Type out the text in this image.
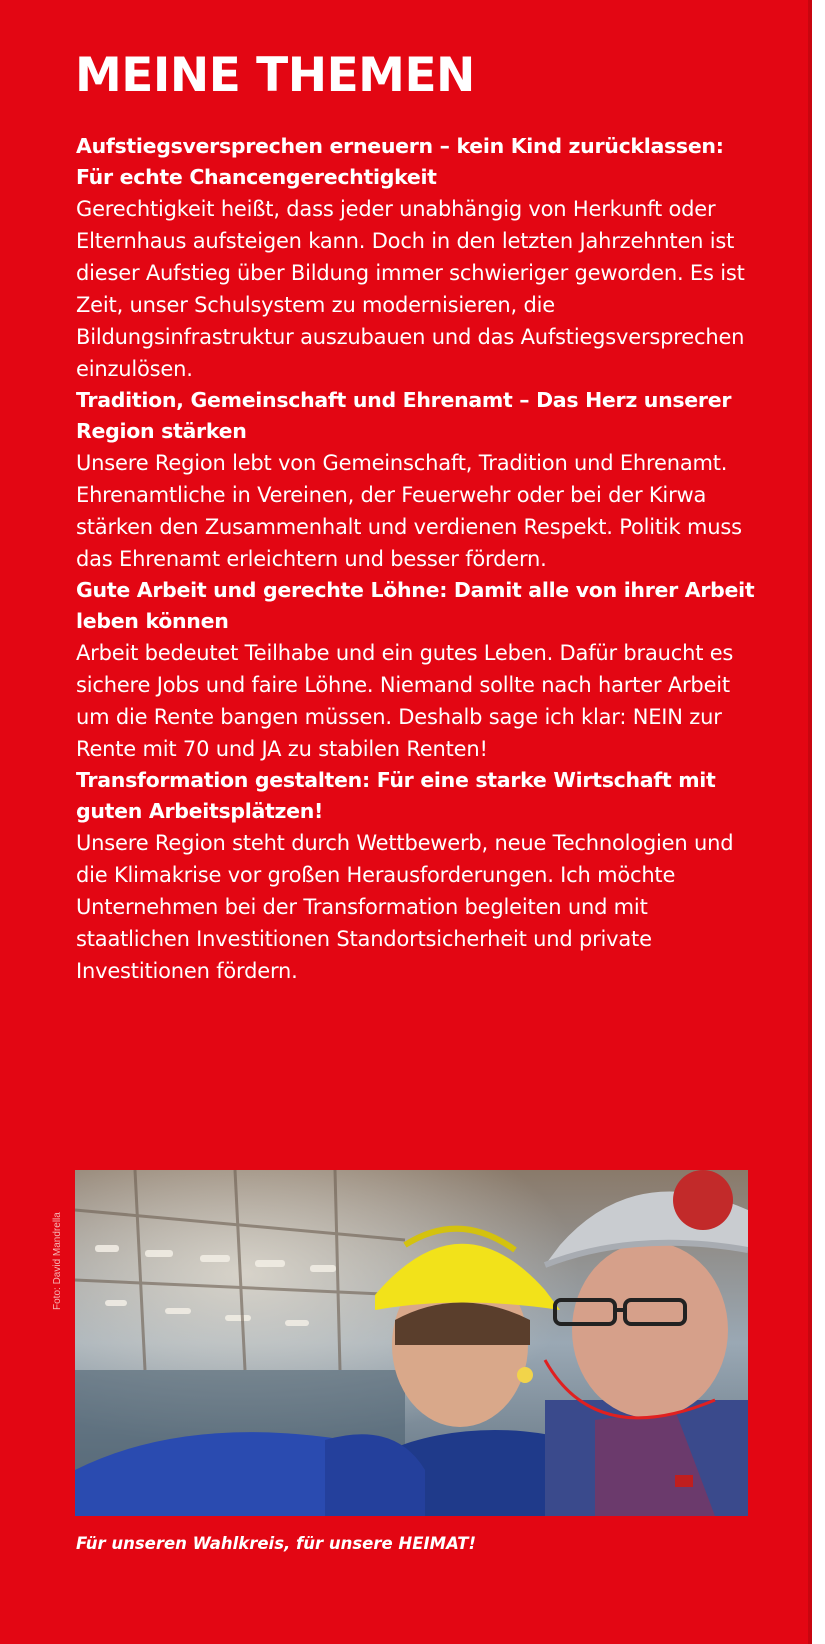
MEINE THEMEN
Aufstiegsversprechen erneuern – kein Kind zurücklassen: Für echte Chancengerechtigkeit

Gerechtigkeit heißt, dass jeder unabhängig von Herkunft oder Elternhaus aufsteigen kann. Doch in den letzten Jahrzehnten ist dieser Aufstieg über Bildung immer schwieriger geworden. Es ist Zeit, unser Schulsystem zu modernisieren, die Bildungsinfrastruktur auszubauen und das Aufstiegsversprechen einzulösen.

Tradition, Gemeinschaft und Ehrenamt – Das Herz unserer Region stärken

Unsere Region lebt von Gemeinschaft, Tradition und Ehrenamt. Ehrenamtliche in Vereinen, der Feuerwehr oder bei der Kirwa stärken den Zusammenhalt und verdienen Respekt. Politik muss das Ehrenamt erleichtern und besser fördern.

Gute Arbeit und gerechte Löhne: Damit alle von ihrer Arbeit leben können

Arbeit bedeutet Teilhabe und ein gutes Leben. Dafür braucht es sichere Jobs und faire Löhne. Niemand sollte nach harter Arbeit um die Rente bangen müssen. Deshalb sage ich klar: NEIN zur Rente mit 70 und JA zu stabilen Renten!

Transformation gestalten: Für eine starke Wirtschaft mit guten Arbeitsplätzen!

Unsere Region steht durch Wettbewerb, neue Technologien und die Klimakrise vor großen Herausforderungen. Ich möchte Unternehmen bei der Transformation begleiten und mit staatlichen Investitionen Standortsicherheit und private Investitionen fördern.

Foto: David Mandrella
Für unseren Wahlkreis, für unsere HEIMAT!
